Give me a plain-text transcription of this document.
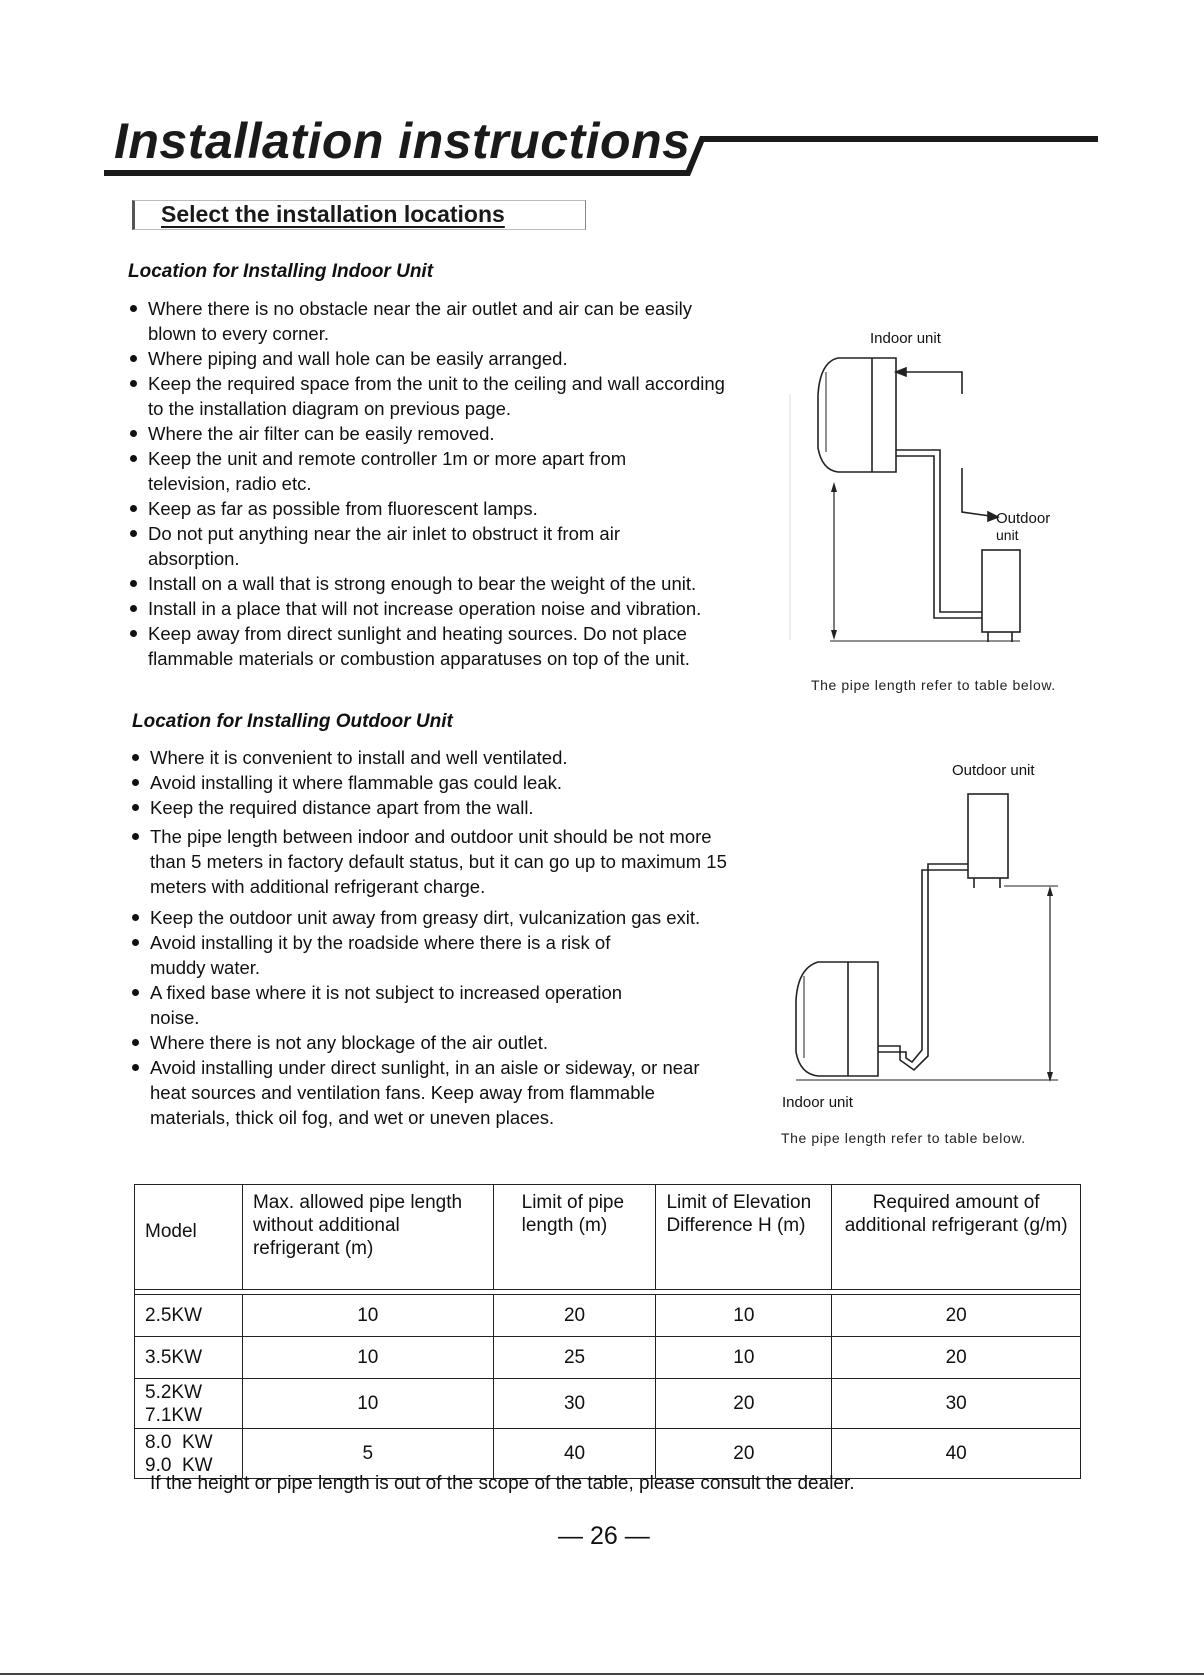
Installation instructions
Select the installation locations
Location for Installing Indoor Unit
Where there is no obstacle near the air outlet and air can be easily blown to every corner.
Where piping and wall hole can be easily arranged.
Keep the required space from the unit to the ceiling and wall according to the installation diagram on previous page.
Where the air filter can be easily removed.
Keep the unit and remote controller 1m or more apart from television, radio etc.
Keep as far as possible from fluorescent lamps.
Do not put anything near the air inlet to obstruct it from air absorption.
Install on a wall that is strong enough to bear the weight of the unit.
Install in a place that will not increase operation noise and vibration.
Keep away from direct sunlight and heating sources. Do not place flammable materials or combustion apparatuses on top of the unit.
Indoor unit
Outdoor
unit
The pipe length refer to table below.
Location for Installing Outdoor Unit
Where it is convenient to install and well ventilated.
Avoid installing it where flammable gas could leak.
Keep the required distance apart from the wall.
The pipe length between indoor and outdoor unit should be not more than 5 meters in factory default status, but it can go up to maximum 15 meters with additional refrigerant charge.
Keep the outdoor unit away from greasy dirt, vulcanization gas exit.
Avoid installing it by the roadside where there is a risk of muddy water.
A fixed base where it is not subject to increased operation noise.
Where there is not any blockage of the air outlet.
Avoid installing under direct sunlight, in an aisle or sideway, or near heat sources and ventilation fans. Keep away from flammable materials, thick oil fog, and wet or uneven places.
Outdoor unit
Indoor unit
The pipe length refer to table below.
Model	Max. allowed pipe length without additional refrigerant (m)	Limit of pipe length (m)	Limit of Elevation Difference H (m)	Required amount of additional refrigerant (g/m)

2.5KW	10	20	10	20
3.5KW	10	25	10	20

5.2KW
7.1KW	10	30	20	30

8.0  KW
9.0  KW	5	40	20	40
If the height or pipe length is out of the scope of the table, please consult the dealer.
— 26 —
